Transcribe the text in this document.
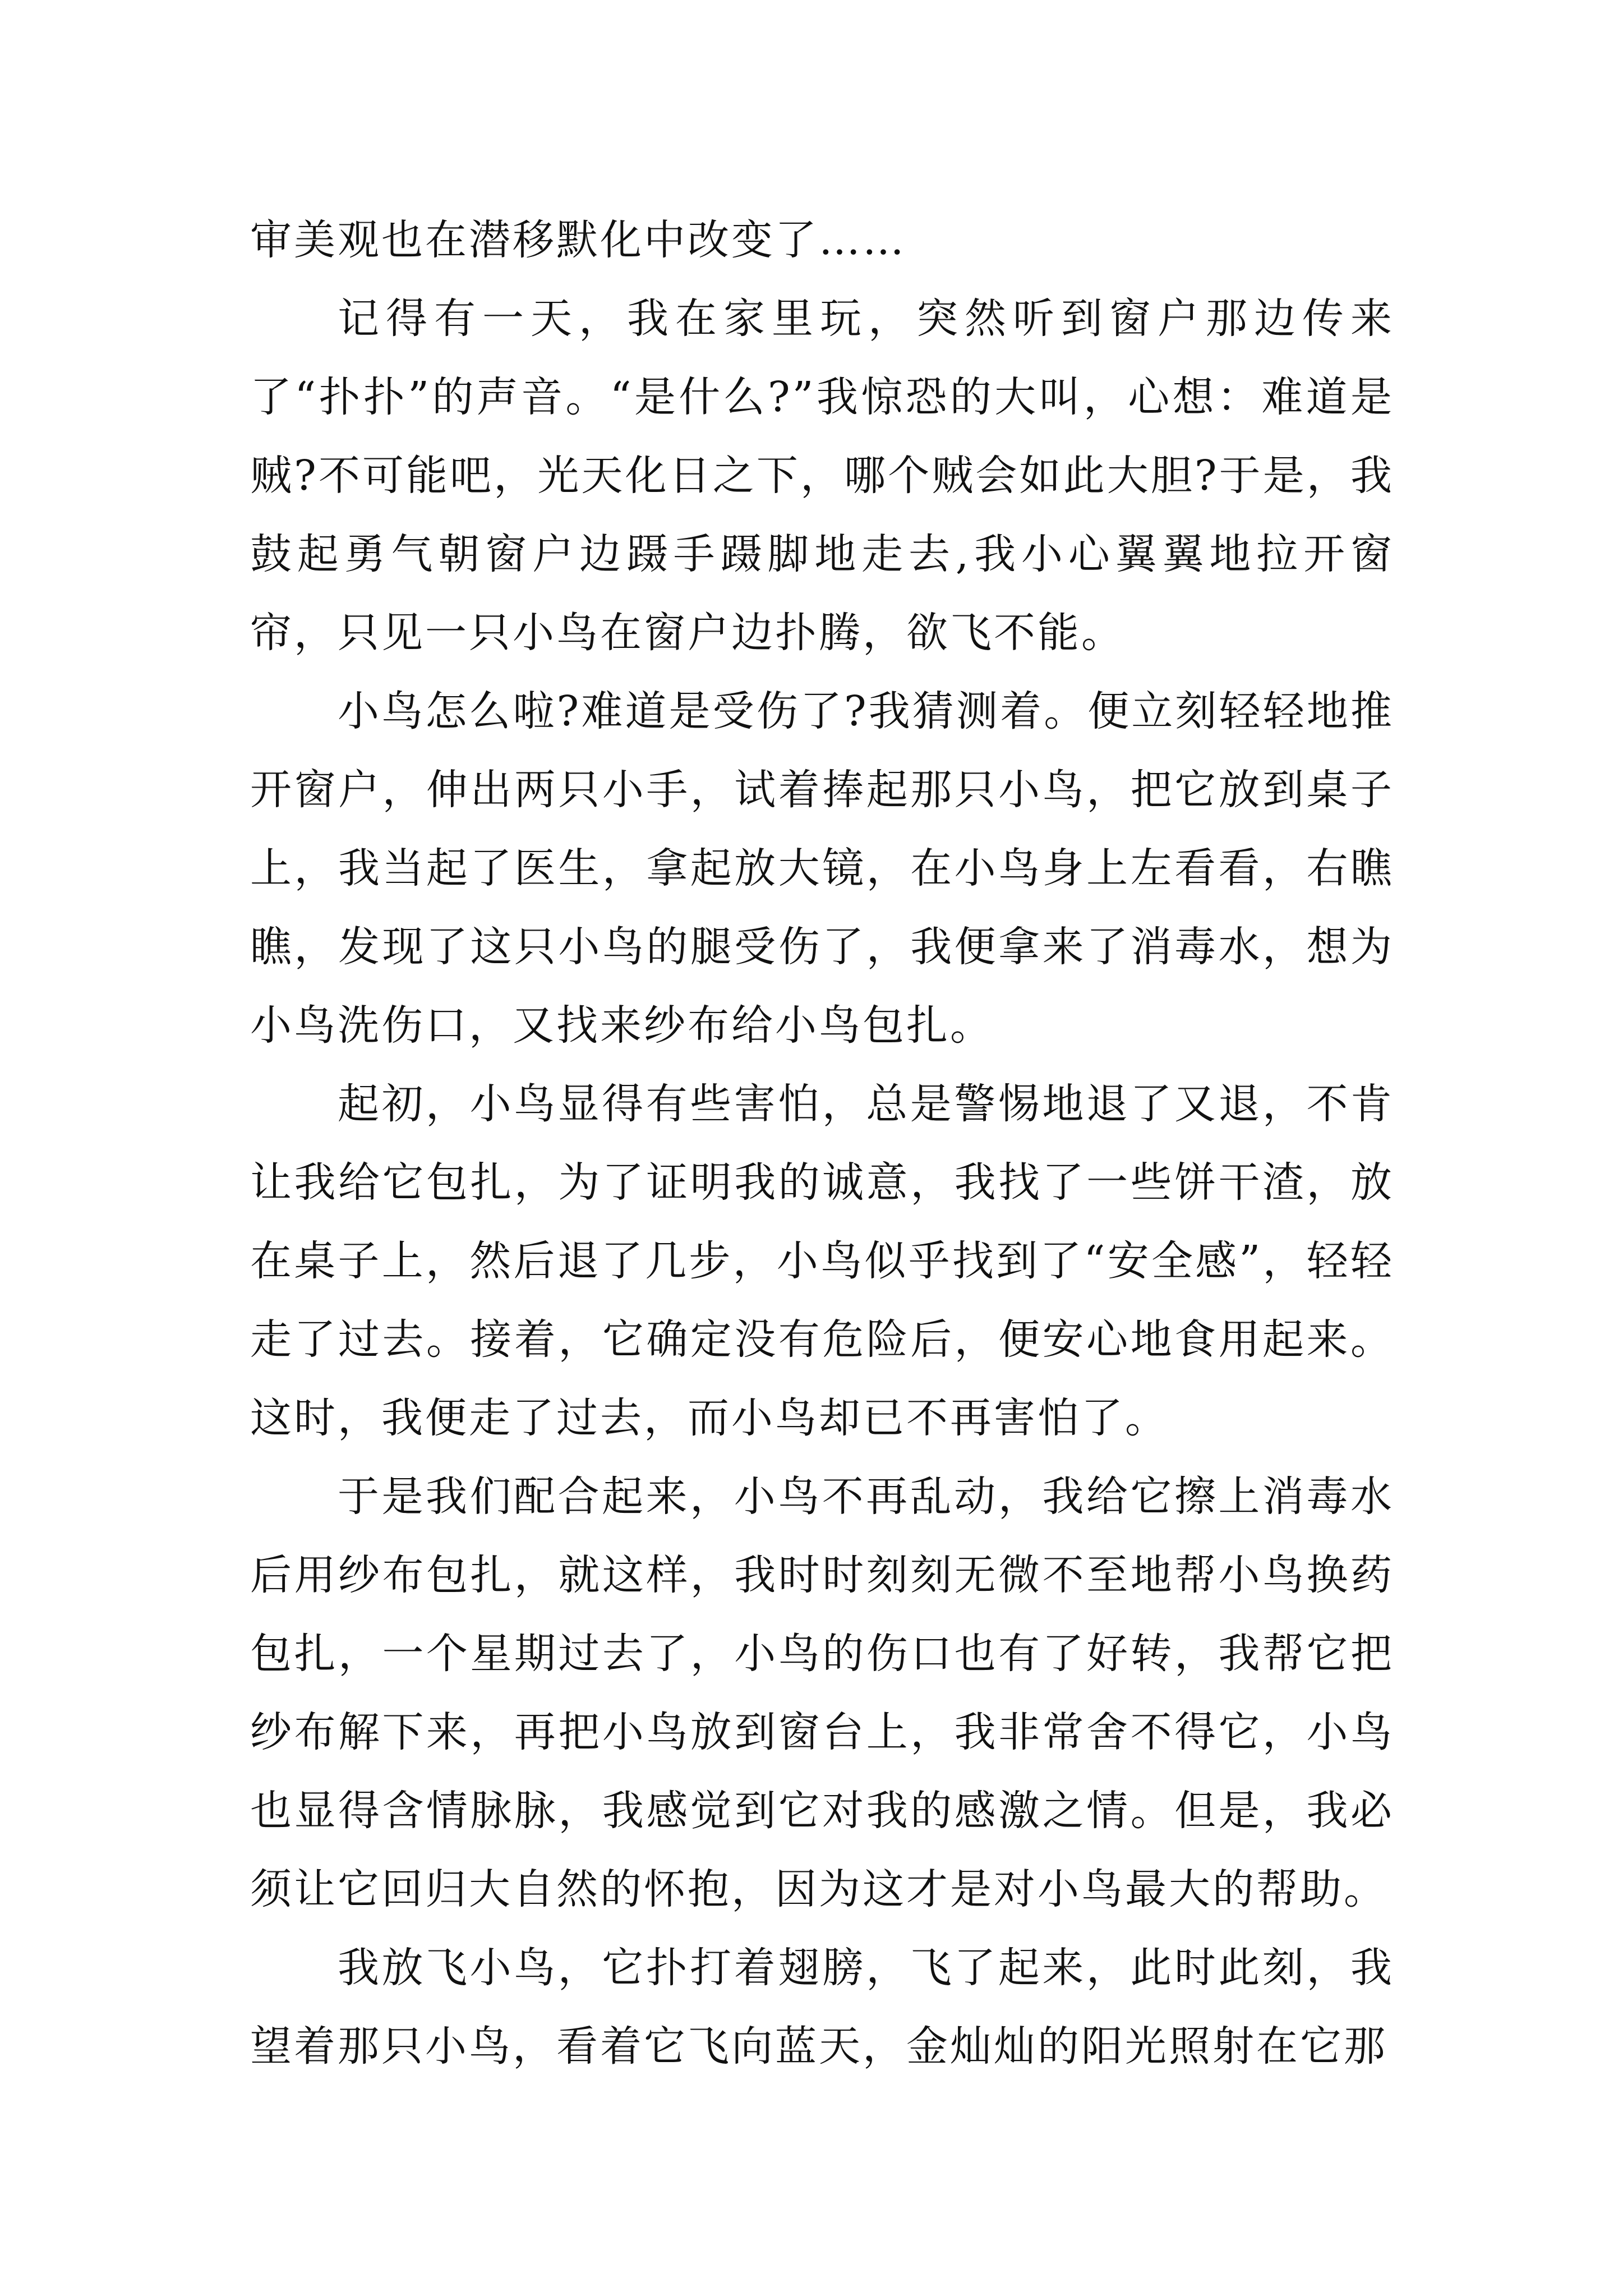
审美观也在潜移默化中改变了……

记得有一天，我在家里玩，突然听到窗户那边传来了“扑扑”的声音。“是什么?”我惊恐的大叫，心想：难道是贼?不可能吧，光天化日之下，哪个贼会如此大胆?于是，我鼓起勇气朝窗户边蹑手蹑脚地走去,我小心翼翼地拉开窗帘，只见一只小鸟在窗户边扑腾，欲飞不能。

小鸟怎么啦?难道是受伤了?我猜测着。便立刻轻轻地推开窗户，伸出两只小手，试着捧起那只小鸟，把它放到桌子上，我当起了医生，拿起放大镜，在小鸟身上左看看，右瞧瞧，发现了这只小鸟的腿受伤了，我便拿来了消毒水，想为小鸟洗伤口，又找来纱布给小鸟包扎。

起初，小鸟显得有些害怕，总是警惕地退了又退，不肯让我给它包扎，为了证明我的诚意，我找了一些饼干渣，放在桌子上，然后退了几步，小鸟似乎找到了“安全感”，轻轻走了过去。接着，它确定没有危险后，便安心地食用起来。这时，我便走了过去，而小鸟却已不再害怕了。

于是我们配合起来，小鸟不再乱动，我给它擦上消毒水后用纱布包扎，就这样，我时时刻刻无微不至地帮小鸟换药包扎，一个星期过去了，小鸟的伤口也有了好转，我帮它把纱布解下来，再把小鸟放到窗台上，我非常舍不得它，小鸟也显得含情脉脉，我感觉到它对我的感激之情。但是，我必须让它回归大自然的怀抱，因为这才是对小鸟最大的帮助。

我放飞小鸟，它扑打着翅膀，飞了起来，此时此刻，我望着那只小鸟，看着它飞向蓝天，金灿灿的阳光照射在它那
